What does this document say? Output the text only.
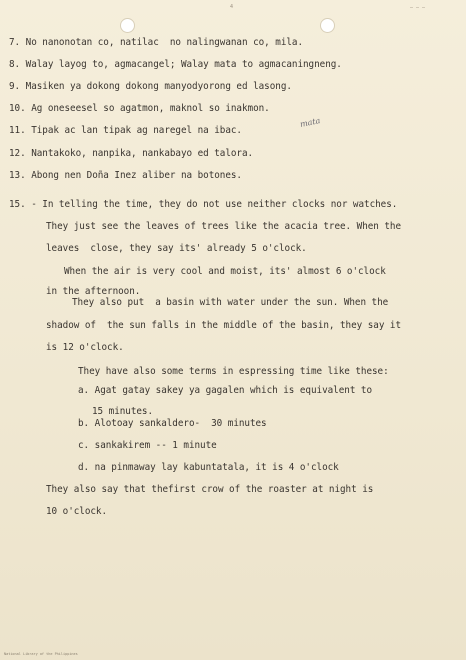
4	— — —
7. No nanonotan co, natilac  no nalingwanan co, mila.
8. Walay layog to, agmacangel; Walay mata to agmacaningneng.
9. Masiken ya dokong dokong manyodyorong ed lasong.
10. Ag oneseesel so agatmon, maknol so inakmon.
11. Tipak ac lan tipak ag naregel na ibac.
mata
12. Nantakoko, nanpika, nankabayo ed talora.
13. Abong nen Doña Inez aliber na botones.
15. - In telling the time, they do not use neither clocks nor watches.
They just see the leaves of trees like the acacia tree. When the
leaves  close, they say its' already 5 o'clock.
When the air is very cool and moist, its' almost 6 o'clock
in the afternoon.
They also put  a basin with water under the sun. When the
shadow of  the sun falls in the middle of the basin, they say it
is 12 o'clock.
They have also some terms in espressing time like these:
a. Agat gatay sakey ya gagalen which is equivalent to
15 minutes.
b. Alotoay sankaldero-  30 minutes
c. sankakirem -- 1 minute
d. na pinmaway lay kabuntatala, it is 4 o'clock
They also say that thefirst crow of the roaster at night is
10 o'clock.
National Library of the Philippines
